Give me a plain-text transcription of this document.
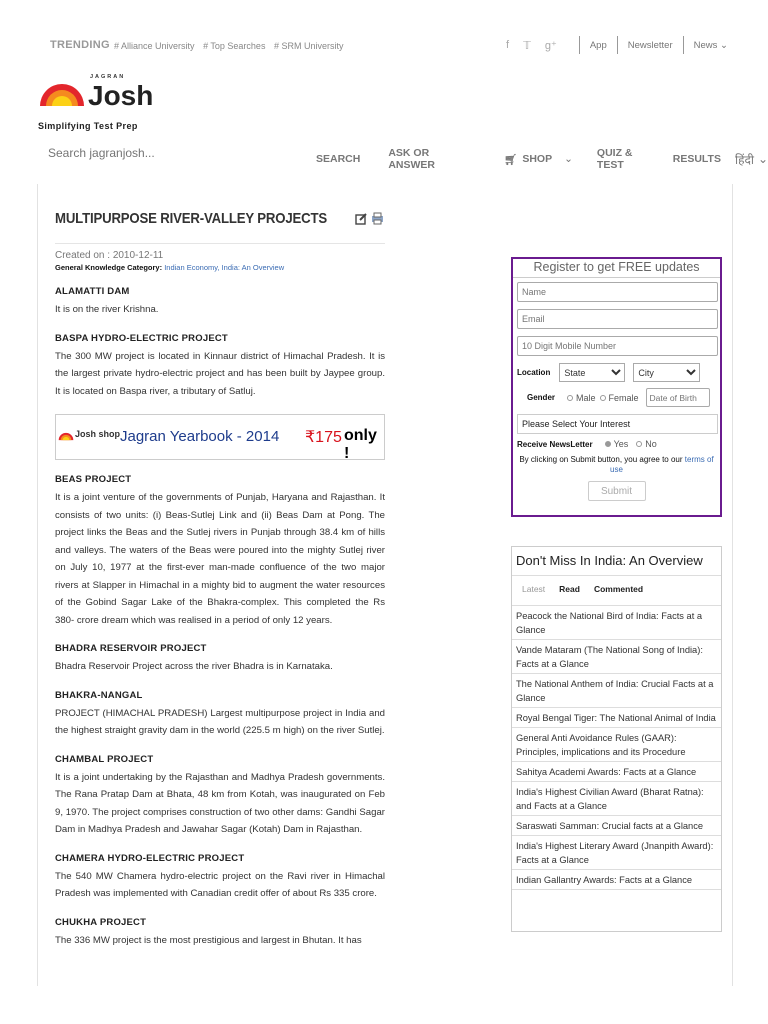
TRENDING # Alliance University # Top Searches # SRM University	f 𝕋 g⁺	App Newsletter News ⌄
JAGRAN
Josh
Simplifying Test Prep
Search jagranjosh...
SEARCH	ASK OR ANSWER	🛒︎ SHOP ⌄ QUIZ & TEST	RESULTS हिंदी ⌄
MULTIPURPOSE RIVER-VALLEY PROJECTS
Created on : 2010-12-11
General Knowledge Category: Indian Economy, India: An Overview
ALAMATTI DAM
It is on the river Krishna.
BASPA HYDRO-ELECTRIC PROJECT
The 300 MW project is located in Kinnaur district of Himachal Pradesh. It is the largest private hydro-electric project and has been built by Jaypee group. It is located on Baspa river, a tributary of Satluj.
Josh shop Jagran Yearbook - 2014 ₹175 only !
BEAS PROJECT
It is a joint venture of the governments of Punjab, Haryana and Rajasthan. It consists of two units: (i) Beas-Sutlej Link and (ii) Beas Dam at Pong. The project links the Beas and the Sutlej rivers in Punjab through 38.4 km of hills and valleys. The waters of the Beas were poured into the mighty Sutlej river on July 10, 1977 at the first-ever man-made confluence of the two major rivers at Slapper in Himachal in a mighty bid to augment the water resources of the Gobind Sagar Lake of the Bhakra-complex. This completed the Rs 380- crore dream which was realised in a period of only 12 years.
BHADRA RESERVOIR PROJECT
Bhadra Reservoir Project across the river Bhadra is in Karnataka.
BHAKRA-NANGAL
PROJECT (HIMACHAL PRADESH) Largest multipurpose project in India and the highest straight gravity dam in the world (225.5 m high) on the river Sutlej.
CHAMBAL PROJECT
It is a joint undertaking by the Rajasthan and Madhya Pradesh governments. The Rana Pratap Dam at Bhata, 48 km from Kotah, was inaugurated on Feb 9, 1970. The project comprises construction of two other dams: Gandhi Sagar Dam in Madhya Pradesh and Jawahar Sagar (Kotah) Dam in Rajasthan.
CHAMERA HYDRO-ELECTRIC PROJECT
The 540 MW Chamera hydro-electric project on the Ravi river in Himachal Pradesh was implemented with Canadian credit offer of about Rs 335 crore.
CHUKHA PROJECT
The 336 MW project is the most prestigious and largest in Bhutan. It has
Register to get FREE updates
Name
Email
10 Digit Mobile Number
Location
State
City
Gender Male Female
Date of Birth
Please Select Your Interest
Receive NewsLetter Yes No
By clicking on Submit button, you agree to our terms of use
Submit
Don't Miss In India: An Overview
Latest Read Commented
Peacock the National Bird of India: Facts at a Glance
Vande Mataram (The National Song of India): Facts at a Glance
The National Anthem of India: Crucial Facts at a Glance
Royal Bengal Tiger: The National Animal of India
General Anti Avoidance Rules (GAAR): Principles, implications and its Procedure
Sahitya Academi Awards: Facts at a Glance
India's Highest Civilian Award (Bharat Ratna): and Facts at a Glance
Saraswati Samman: Crucial facts at a Glance
India's Highest Literary Award (Jnanpith Award): Facts at a Glance
Indian Gallantry Awards: Facts at a Glance
